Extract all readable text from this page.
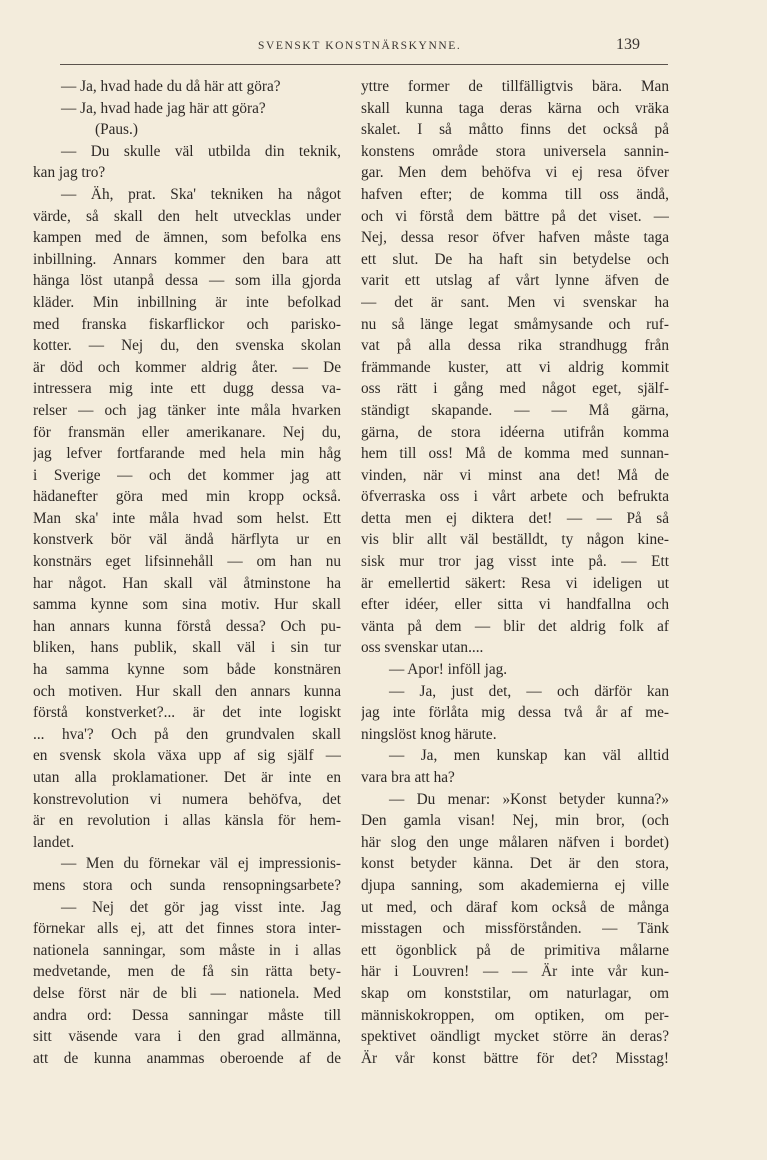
SVENSKT KONSTNÄRSKYNNE.	139
— Ja, hvad hade du då här att göra?
— Ja, hvad hade jag här att göra?
(Paus.)
— Du skulle väl utbilda din teknik,
kan jag tro?
— Äh, prat. Ska' tekniken ha något
värde, så skall den helt utvecklas under
kampen med de ämnen, som befolka ens
inbillning. Annars kommer den bara att
hänga löst utanpå dessa — som illa gjorda
kläder. Min inbillning är inte befolkad
med franska fiskarflickor och parisko-
kotter. — Nej du, den svenska skolan
är död och kommer aldrig åter. — De
intressera mig inte ett dugg dessa va-
relser — och jag tänker inte måla hvarken
för fransmän eller amerikanare. Nej du,
jag lefver fortfarande med hela min håg
i Sverige — och det kommer jag att
hädanefter göra med min kropp också.
Man ska' inte måla hvad som helst. Ett
konstverk bör väl ändå härflyta ur en
konstnärs eget lifsinnehåll — om han nu
har något. Han skall väl åtminstone ha
samma kynne som sina motiv. Hur skall
han annars kunna förstå dessa? Och pu-
bliken, hans publik, skall väl i sin tur
ha samma kynne som både konstnären
och motiven. Hur skall den annars kunna
förstå konstverket?... är det inte logiskt
... hva'? Och på den grundvalen skall
en svensk skola växa upp af sig själf —
utan alla proklamationer. Det är inte en
konstrevolution vi numera behöfva, det
är en revolution i allas känsla för hem-
landet.
— Men du förnekar väl ej impressionis-
mens stora och sunda rensopningsarbete?
— Nej det gör jag visst inte. Jag
förnekar alls ej, att det finnes stora inter-
nationela sanningar, som måste in i allas
medvetande, men de få sin rätta bety-
delse först när de bli — nationela. Med
andra ord: Dessa sanningar måste till
sitt väsende vara i den grad allmänna,
att de kunna anammas oberoende af de
yttre former de tillfälligtvis bära. Man
skall kunna taga deras kärna och vräka
skalet. I så måtto finns det också på
konstens område stora universela sannin-
gar. Men dem behöfva vi ej resa öfver
hafven efter; de komma till oss ändå,
och vi förstå dem bättre på det viset. —
Nej, dessa resor öfver hafven måste taga
ett slut. De ha haft sin betydelse och
varit ett utslag af vårt lynne äfven de
— det är sant. Men vi svenskar ha
nu så länge legat småmysande och ruf-
vat på alla dessa rika strandhugg från
främmande kuster, att vi aldrig kommit
oss rätt i gång med något eget, själf-
ständigt skapande. — — Må gärna,
gärna, de stora idéerna utifrån komma
hem till oss! Må de komma med sunnan-
vinden, när vi minst ana det! Må de
öfverraska oss i vårt arbete och befrukta
detta men ej diktera det! — — På så
vis blir allt väl beställdt, ty någon kine-
sisk mur tror jag visst inte på. — Ett
är emellertid säkert: Resa vi ideligen ut
efter idéer, eller sitta vi handfallna och
vänta på dem — blir det aldrig folk af
oss svenskar utan....
— Apor! inföll jag.
— Ja, just det, — och därför kan
jag inte förlåta mig dessa två år af me-
ningslöst knog härute.
— Ja, men kunskap kan väl alltid
vara bra att ha?
— Du menar: »Konst betyder kunna?»
Den gamla visan! Nej, min bror, (och
här slog den unge målaren näfven i bordet)
konst betyder känna. Det är den stora,
djupa sanning, som akademierna ej ville
ut med, och däraf kom också de många
misstagen och missförstånden. — Tänk
ett ögonblick på de primitiva målarne
här i Louvren! — — Är inte vår kun-
skap om konststilar, om naturlagar, om
människokroppen, om optiken, om per-
spektivet oändligt mycket större än deras?
Är vår konst bättre för det? Misstag!
